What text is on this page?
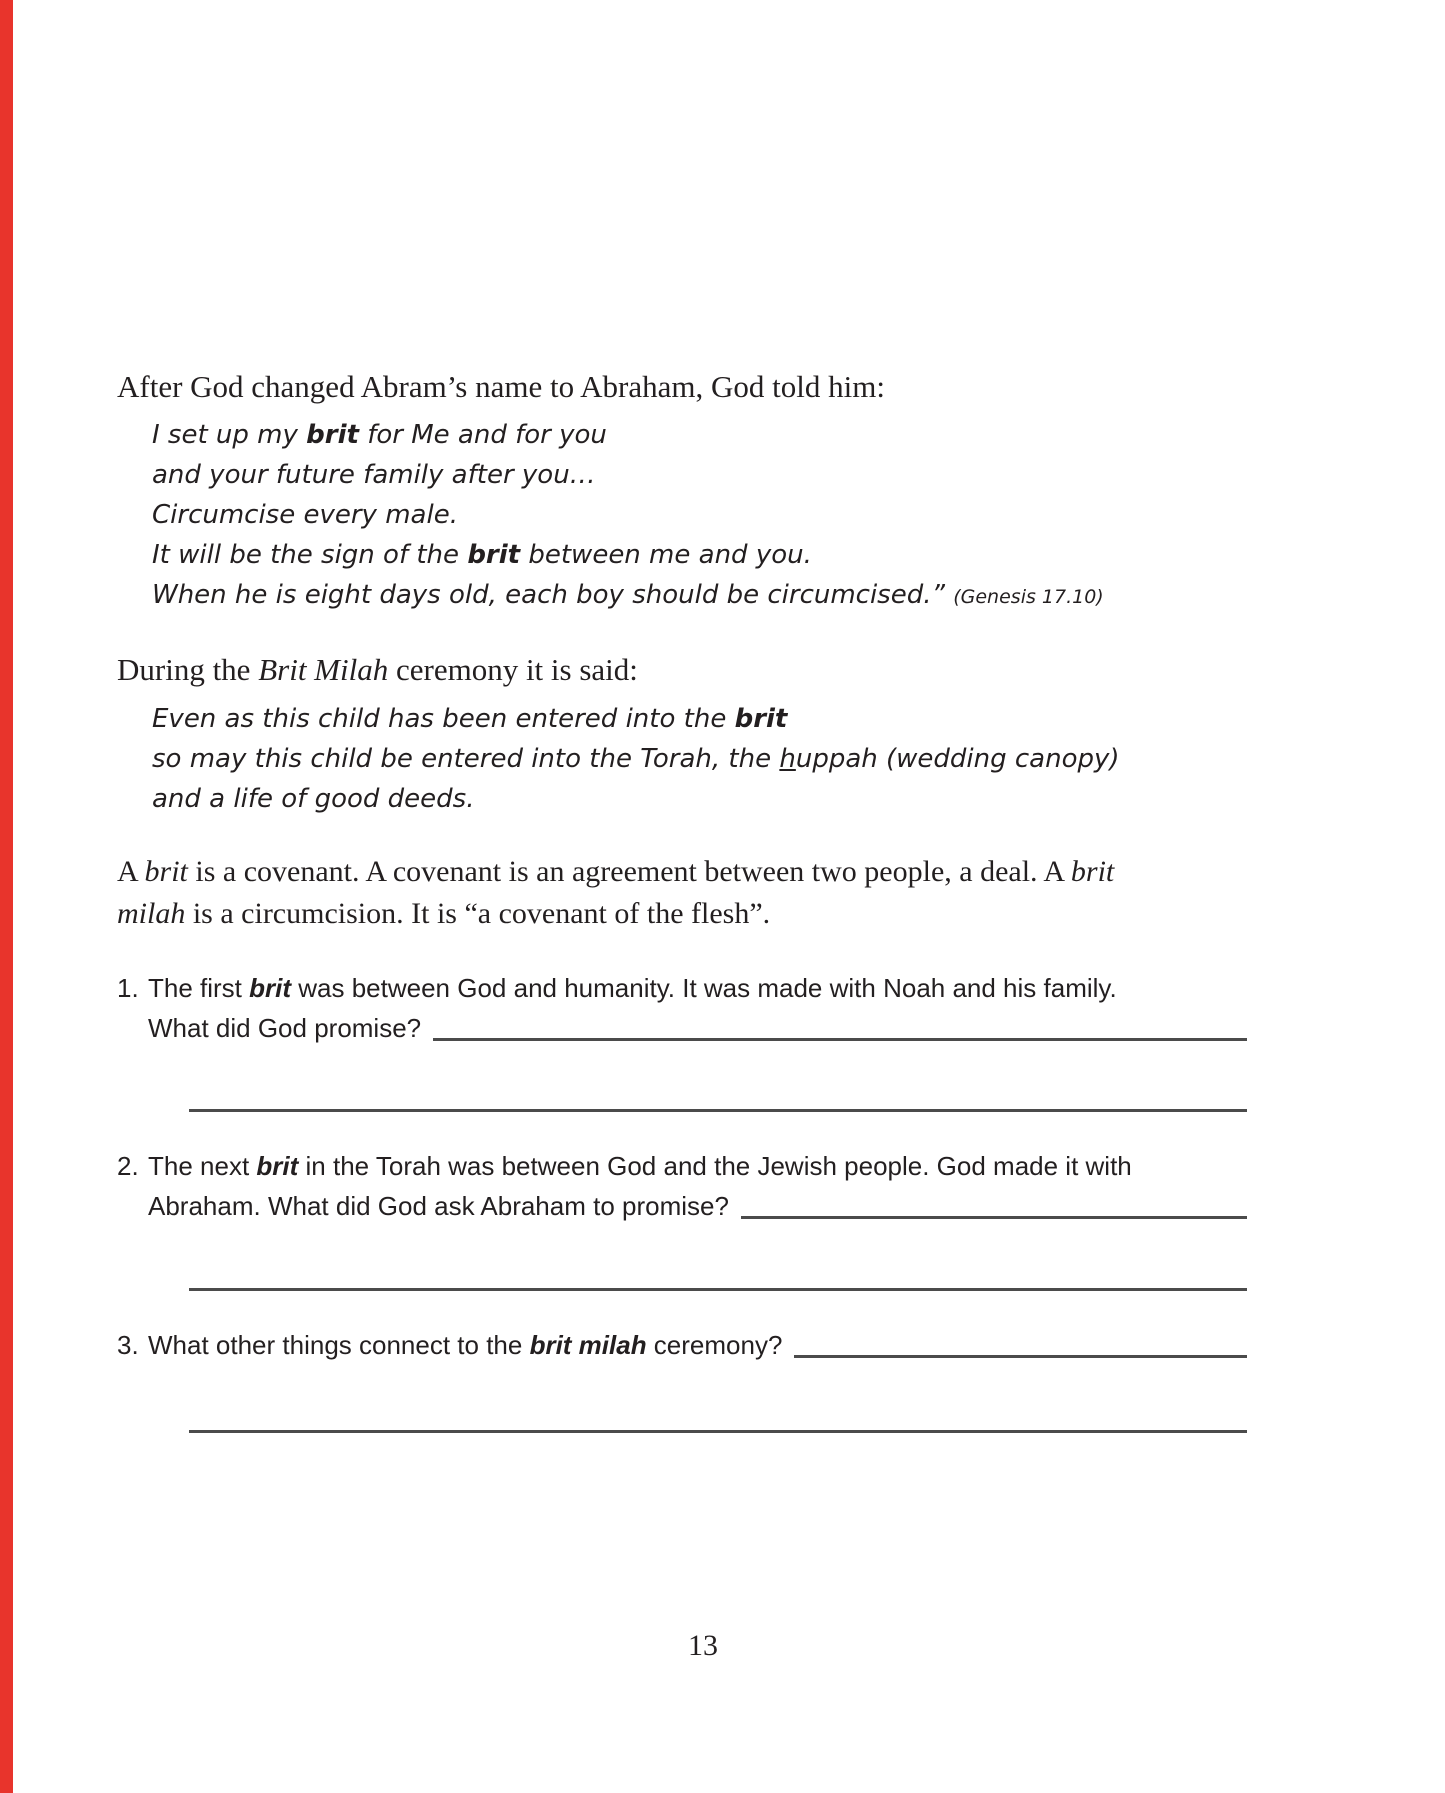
After God changed Abram’s name to Abraham, God told him:
I set up my brit for Me and for you
and your future family after you…
Circumcise every male.
It will be the sign of the brit between me and you.
When he is eight days old, each boy should be circumcised.” (Genesis 17.10)
During the Brit Milah ceremony it is said:
Even as this child has been entered into the brit
so may this child be entered into the Torah, the huppah (wedding canopy)
and a life of good deeds.
A brit is a covenant. A covenant is an agreement between two people, a deal. A brit
milah is a circumcision. It is “a covenant of the flesh”.
1. The first brit was between God and humanity. It was made with Noah and his family.
What did God promise?
2. The next brit in the Torah was between God and the Jewish people. God made it with
Abraham. What did God ask Abraham to promise?
3. What other things connect to the brit milah ceremony?
13
